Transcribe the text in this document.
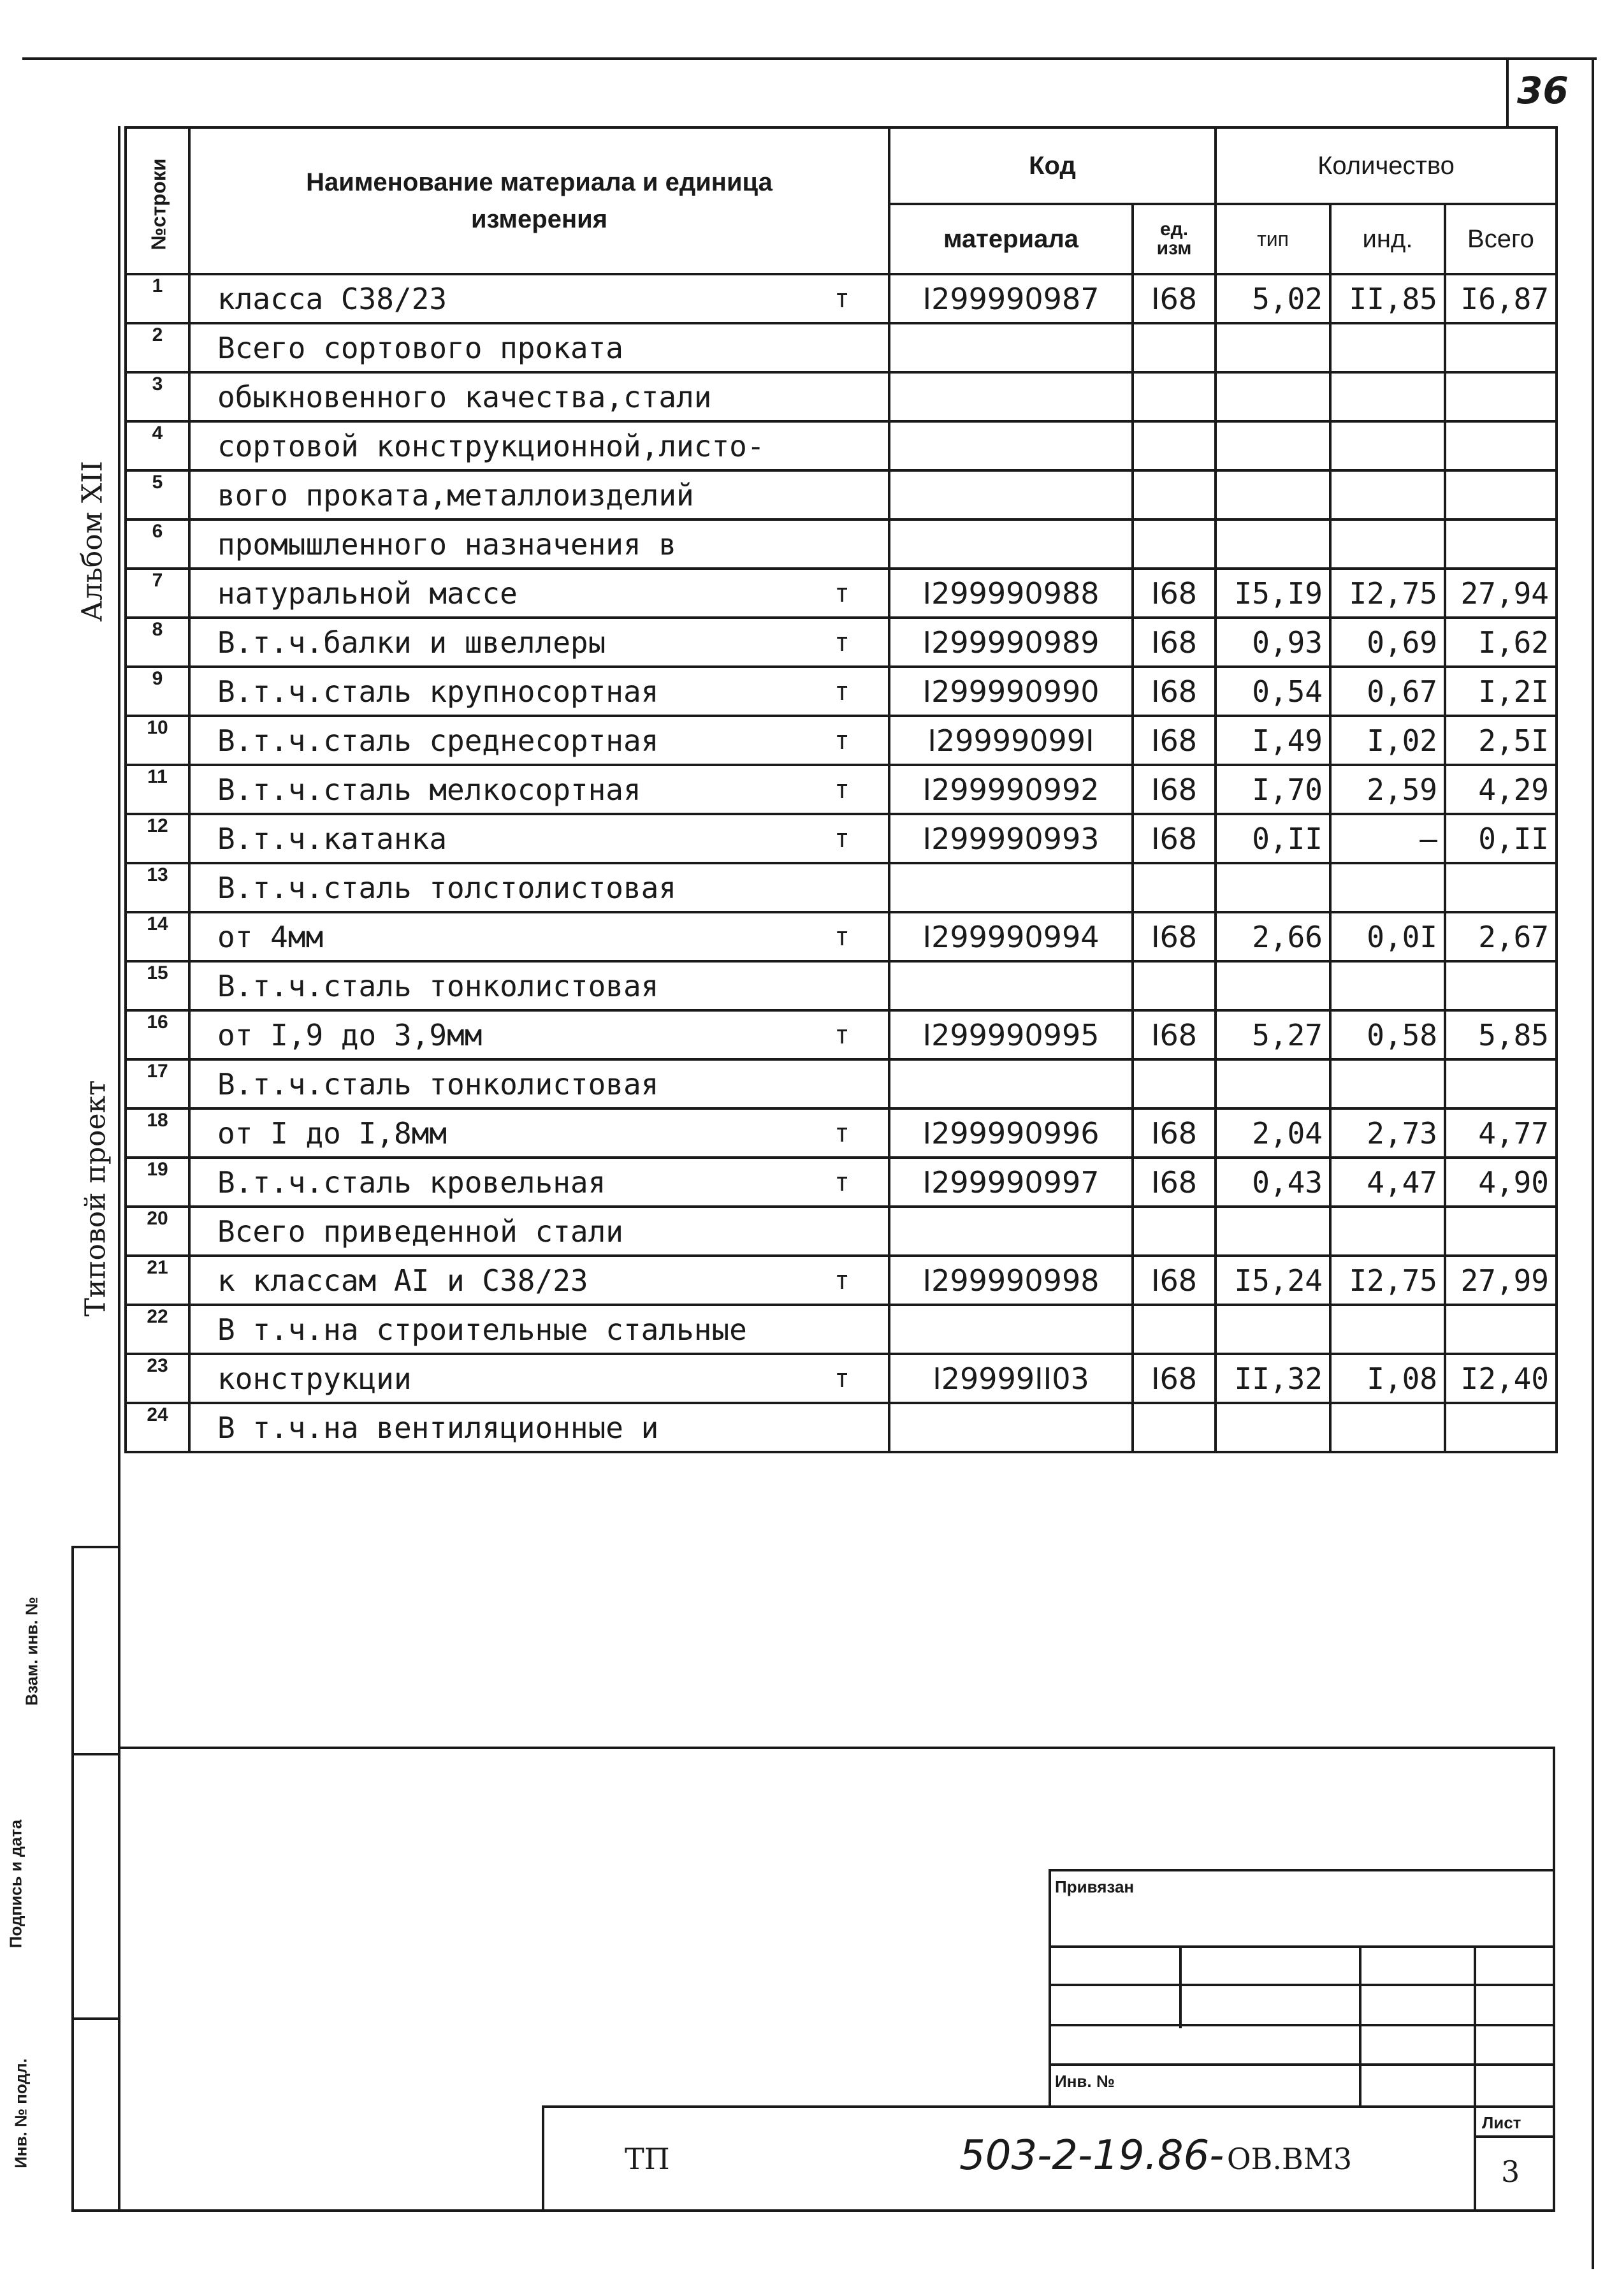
36
Альбом XII
Типовой проект
Взам. инв. №
Подпись и дата
Инв. № подл.
№строки	Наименование материала и единица измерения	Код		Количество		
		материала	ед. изм	тип	инд.	Всего
1	класса С38/23 т	I299990987	I68	5,02	II,85	I6,87
2	Всего сортового проката

3	обыкновенного качества,стали

4	сортовой конструкционной,листо-

5	вого проката,металлоизделий

6	промышленного назначения в

7	натуральной массе т	I299990988	I68	I5,I9	I2,75	27,94
8	В.т.ч.балки и швеллеры т	I299990989	I68	0,93	0,69	I,62
9	В.т.ч.сталь крупносортная т	I299990990	I68	0,54	0,67	I,2I
10	В.т.ч.сталь среднесортная т	I29999099I	I68	I,49	I,02	2,5I
11	В.т.ч.сталь мелкосортная т	I299990992	I68	I,70	2,59	4,29
12	В.т.ч.катанка т	I299990993	I68	0,II	–	0,II
13	В.т.ч.сталь толстолистовая

14	от 4мм т	I299990994	I68	2,66	0,0I	2,67
15	В.т.ч.сталь тонколистовая

16	от I,9 до 3,9мм т	I299990995	I68	5,27	0,58	5,85
17	В.т.ч.сталь тонколистовая

18	от I до I,8мм т	I299990996	I68	2,04	2,73	4,77
19	В.т.ч.сталь кровельная т	I299990997	I68	0,43	4,47	4,90
20	Всего приведенной стали

21	к классам АI и С38/23 т	I299990998	I68	I5,24	I2,75	27,99
22	В т.ч.на строительные стальные

23	конструкции т	I29999II03	I68	II,32	I,08	I2,40
24	В т.ч.на вентиляционные и

Привязан
Инв. №
Лист
3
ТП	503-2-19.86- ОВ.ВМ3
